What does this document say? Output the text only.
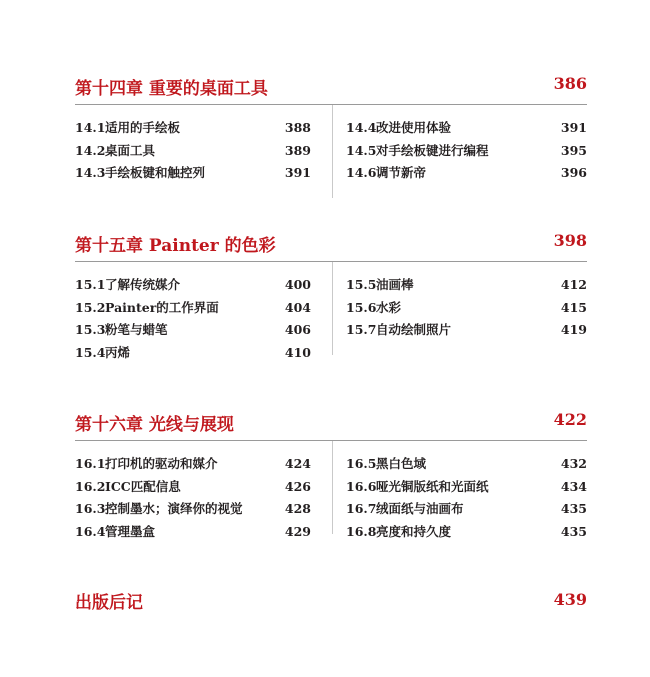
第十四章 重要的桌面工具	386
14.1适用的手绘板	388
14.2桌面工具	389
14.3手绘板键和触控列	391
14.4改进使用体验	391
14.5对手绘板键进行编程	395
14.6调节新帝	396
第十五章 Painter 的色彩	398
15.1了解传统媒介	400
15.2Painter的工作界面	404
15.3粉笔与蜡笔	406
15.4丙烯	410
15.5油画棒	412
15.6水彩	415
15.7自动绘制照片	419
第十六章 光线与展现	422
16.1打印机的驱动和媒介	424
16.2ICC匹配信息	426
16.3控制墨水；演绎你的视觉	428
16.4管理墨盒	429
16.5黑白色域	432
16.6哑光铜版纸和光面纸	434
16.7绒面纸与油画布	435
16.8亮度和持久度	435
出版后记	439
